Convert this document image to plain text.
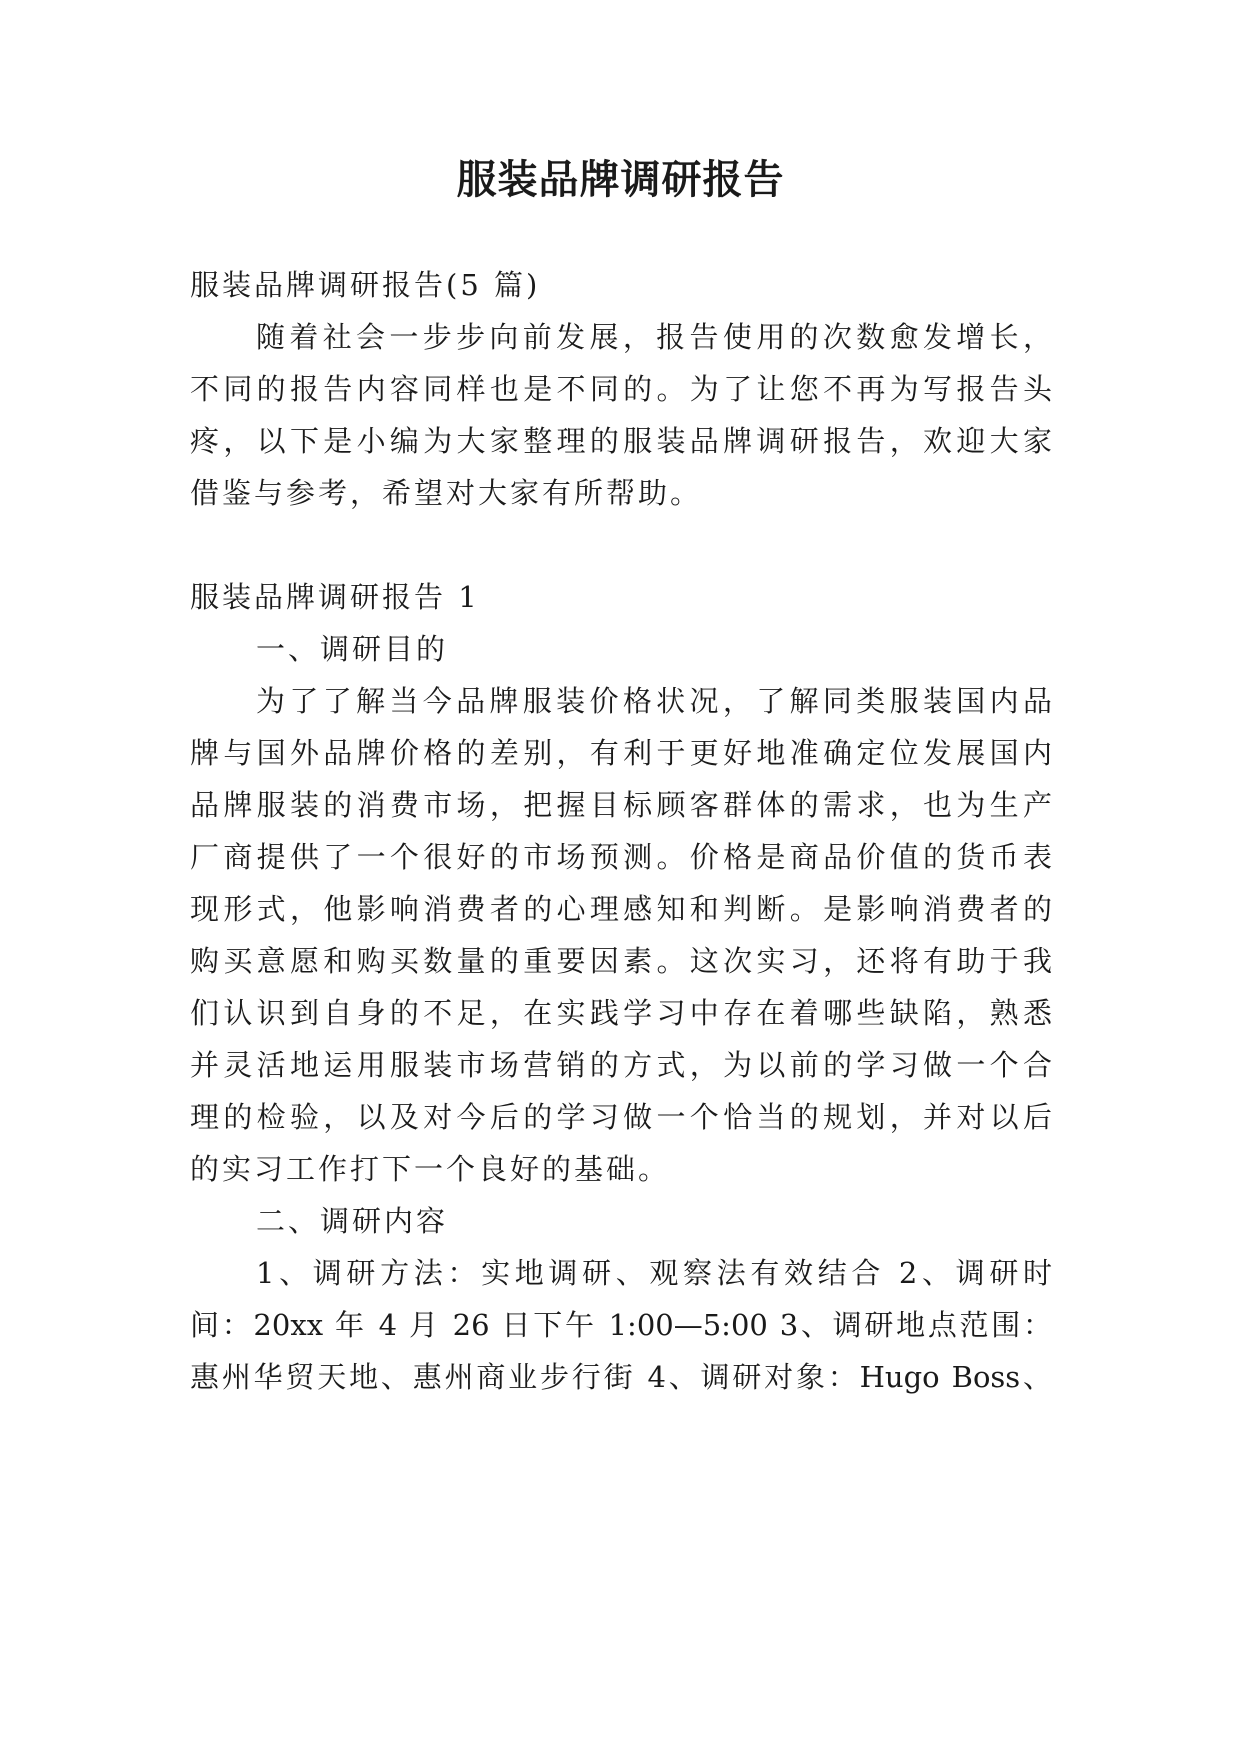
服装品牌调研报告
服装品牌调研报告(5 篇)
随着社会一步步向前发展，报告使用的次数愈发增长，
不同的报告内容同样也是不同的。为了让您不再为写报告头
疼，以下是小编为大家整理的服装品牌调研报告，欢迎大家
借鉴与参考，希望对大家有所帮助。
服装品牌调研报告 1
一、调研目的
为了了解当今品牌服装价格状况，了解同类服装国内品
牌与国外品牌价格的差别，有利于更好地准确定位发展国内
品牌服装的消费市场，把握目标顾客群体的需求，也为生产
厂商提供了一个很好的市场预测。价格是商品价值的货币表
现形式，他影响消费者的心理感知和判断。是影响消费者的
购买意愿和购买数量的重要因素。这次实习，还将有助于我
们认识到自身的不足，在实践学习中存在着哪些缺陷，熟悉
并灵活地运用服装市场营销的方式，为以前的学习做一个合
理的检验，以及对今后的学习做一个恰当的规划，并对以后
的实习工作打下一个良好的基础。
二、调研内容
1、调研方法：实地调研、观察法有效结合 2、调研时
间：20xx 年 4 月 26 日下午 1:00—5:00 3、调研地点范围：
惠州华贸天地、惠州商业步行街 4、调研对象：Hugo Boss、
